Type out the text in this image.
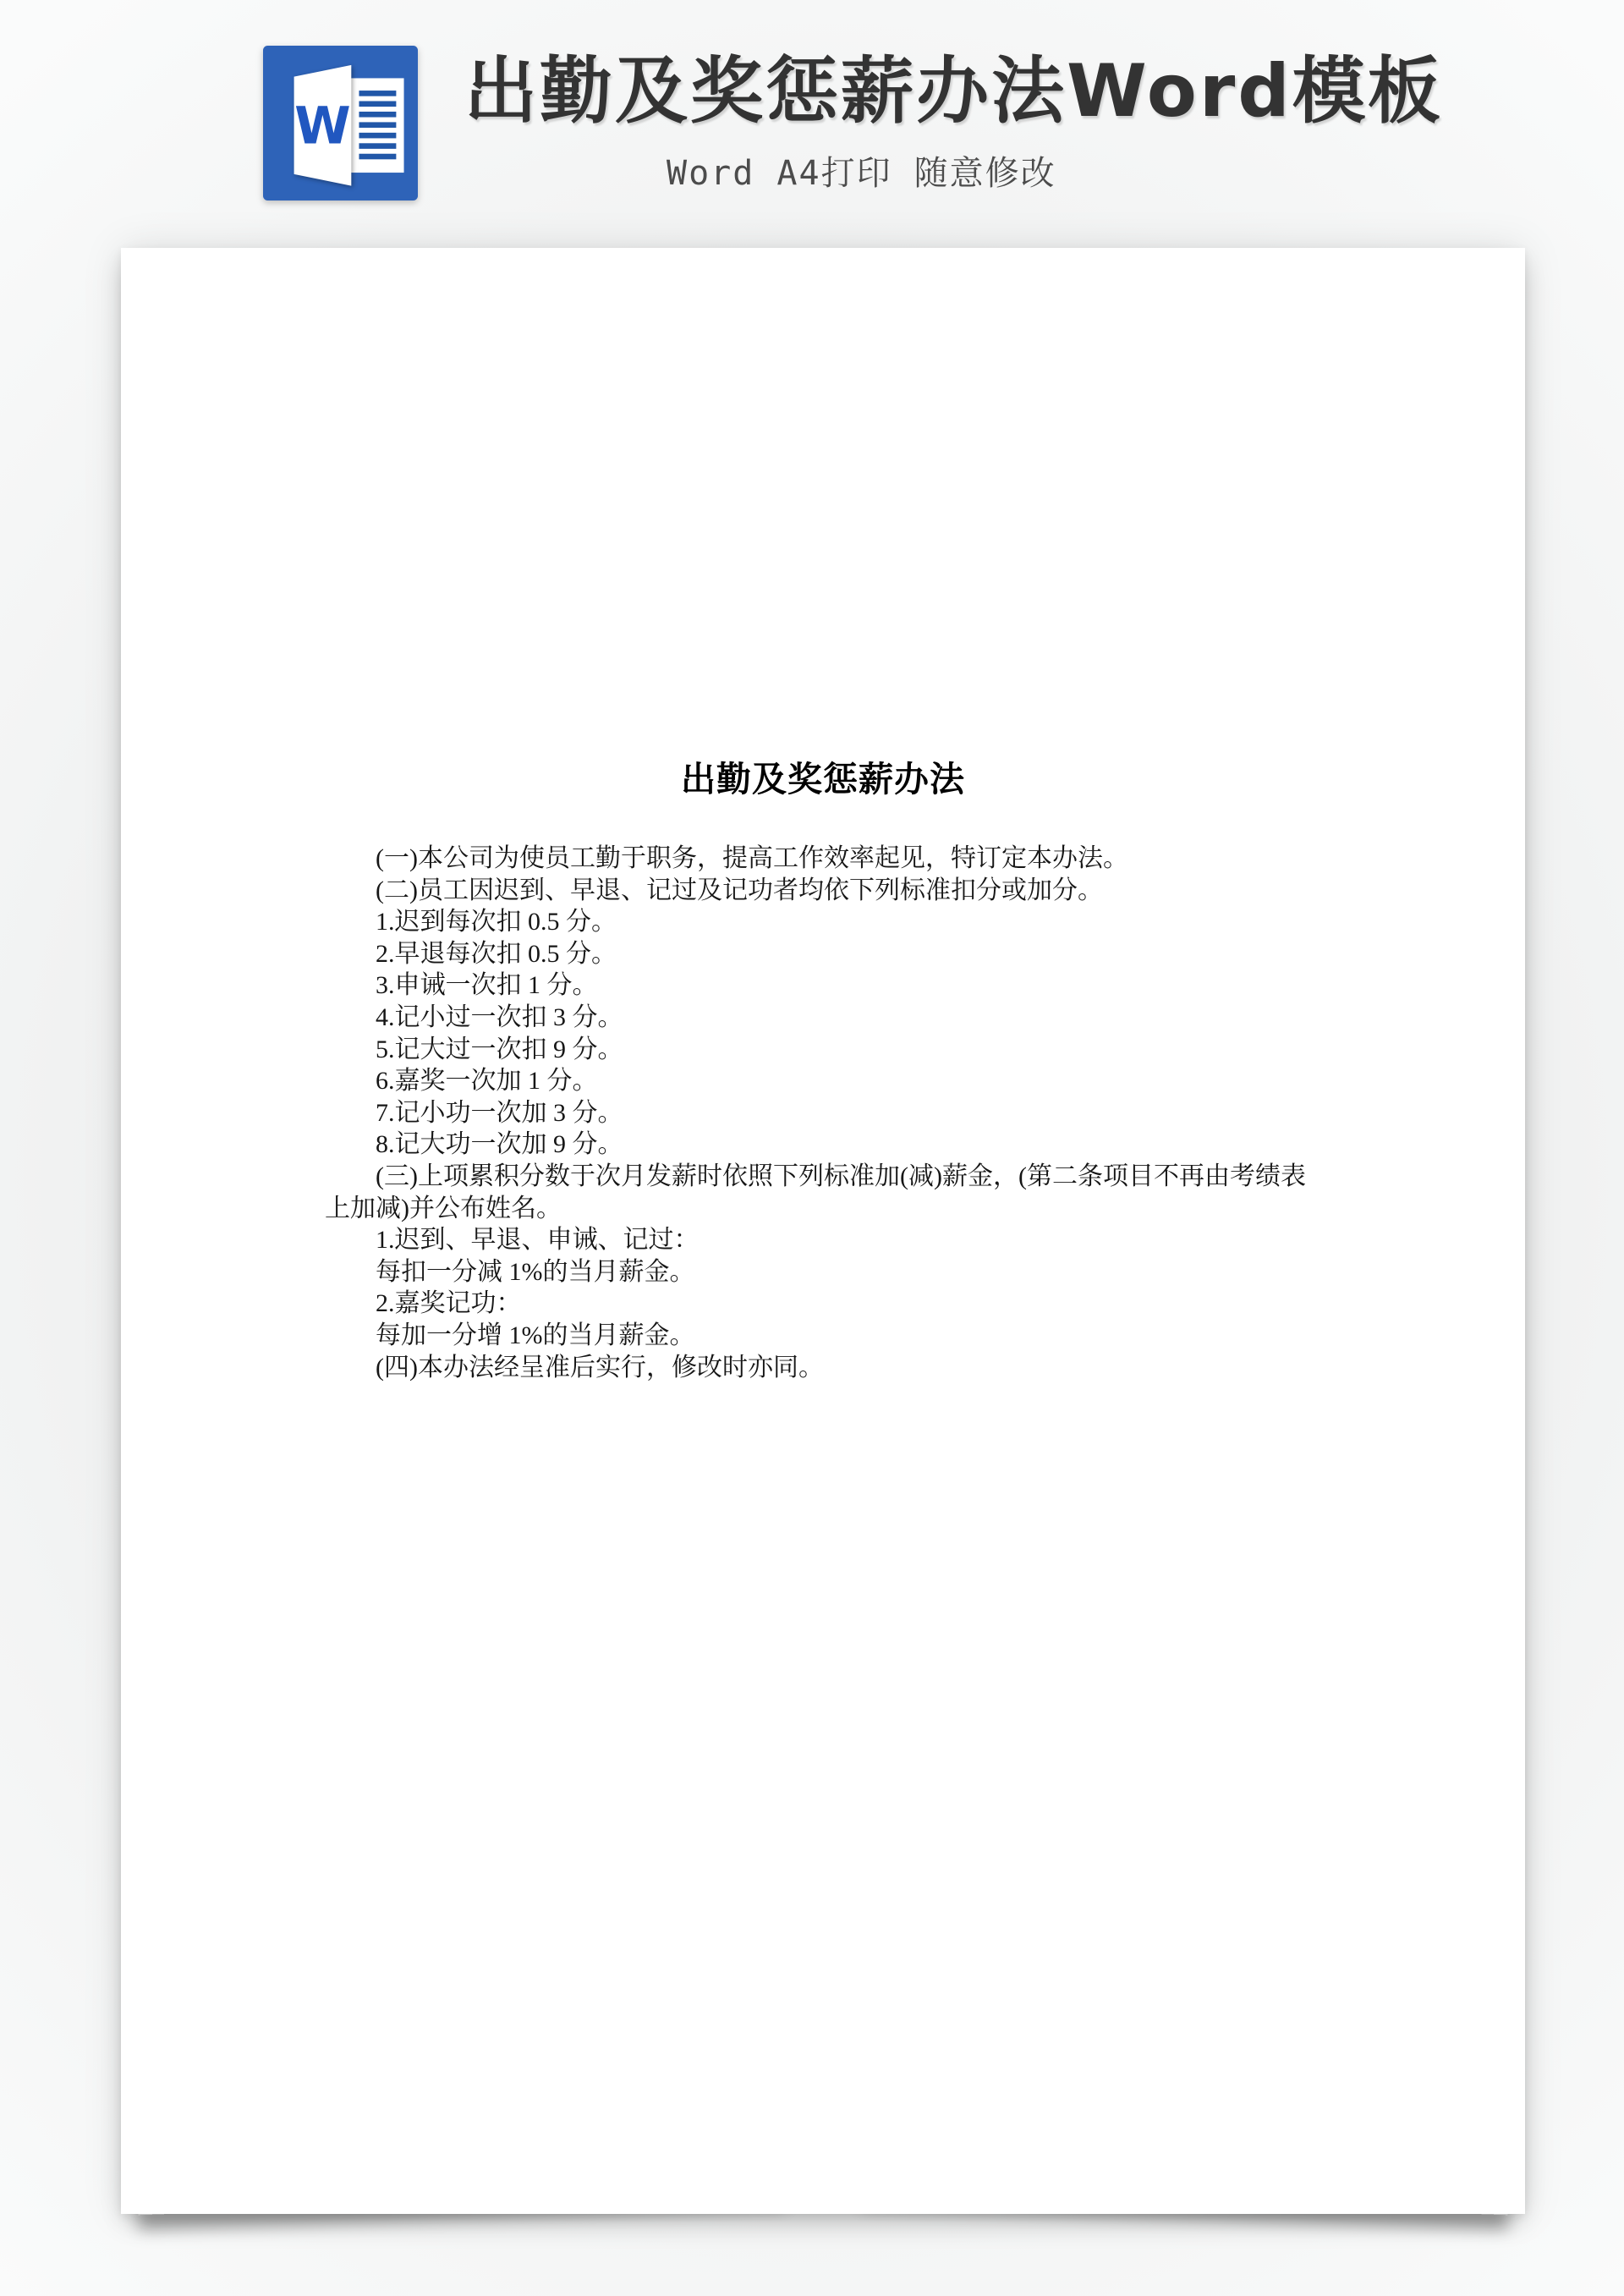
W 出勤及奖惩薪办法Word模板
Word A4打印 随意修改
出勤及奖惩薪办法

(一)本公司为使员工勤于职务，提高工作效率起见，特订定本办法。

(二)员工因迟到、早退、记过及记功者均依下列标准扣分或加分。

1.迟到每次扣 0.5 分。

2.早退每次扣 0.5 分。

3.申诫一次扣 1 分。

4.记小过一次扣 3 分。

5.记大过一次扣 9 分。

6.嘉奖一次加 1 分。

7.记小功一次加 3 分。

8.记大功一次加 9 分。

(三)上项累积分数于次月发薪时依照下列标准加(减)薪金，(第二条项目不再由考绩表上加减)并公布姓名。

1.迟到、早退、申诫、记过：

每扣一分减 1%的当月薪金。

2.嘉奖记功：

每加一分增 1%的当月薪金。

(四)本办法经呈准后实行，修改时亦同。
